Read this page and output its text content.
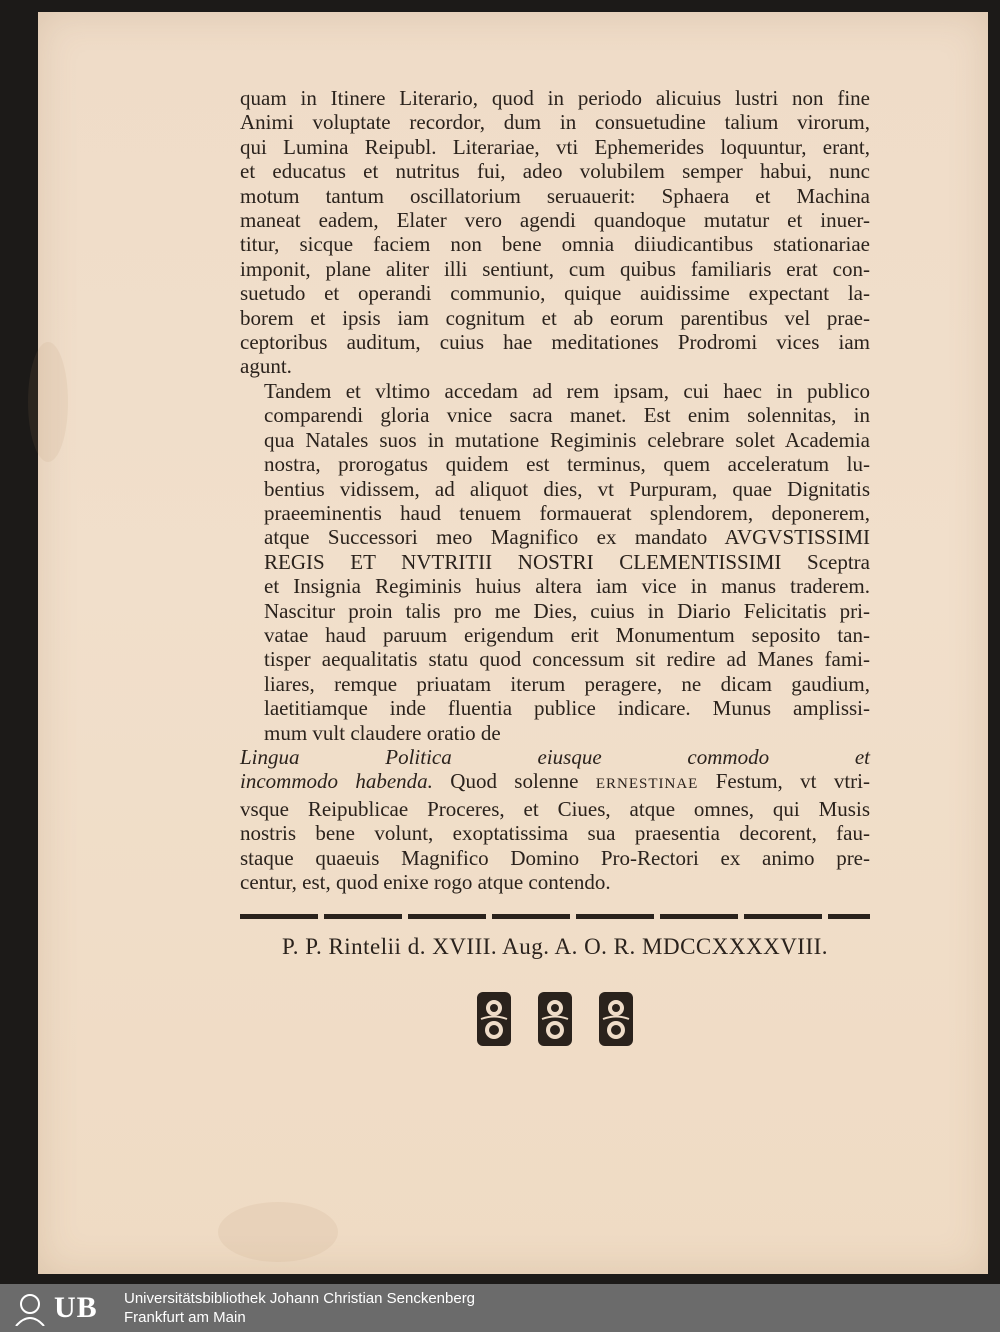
quam in Itinere Literario, quod in periodo alicuius lustri non fine
Animi voluptate recordor, dum in consuetudine talium virorum,
qui Lumina Reipubl. Literariae, vti Ephemerides loquuntur, erant,
et educatus et nutritus fui, adeo volubilem semper habui, nunc
motum tantum oscillatorium seruauerit: Sphaera et Machina
maneat eadem, Elater vero agendi quandoque mutatur et inuer-
titur, sicque faciem non bene omnia diiudicantibus stationariae
imponit, plane aliter illi sentiunt, cum quibus familiaris erat con-
suetudo et operandi communio, quique auidissime expectant la-
borem et ipsis iam cognitum et ab eorum parentibus vel prae-
ceptoribus auditum, cuius hae meditationes Prodromi vices iam
agunt.
Tandem et vltimo accedam ad rem ipsam, cui haec in publico
comparendi gloria vnice sacra manet. Est enim solennitas, in
qua Natales suos in mutatione Regiminis celebrare solet Academia
nostra, prorogatus quidem est terminus, quem acceleratum lu-
bentius vidissem, ad aliquot dies, vt Purpuram, quae Dignitatis
praeeminentis haud tenuem formauerat splendorem, deponerem,
atque Successori meo Magnifico ex mandato AVGVSTISSIMI
REGIS ET NVTRITII NOSTRI CLEMENTISSIMI Sceptra
et Insignia Regiminis huius altera iam vice in manus traderem.
Nascitur proin talis pro me Dies, cuius in Diario Felicitatis pri-
vatae haud paruum erigendum erit Monumentum seposito tan-
tisper aequalitatis statu quod concessum sit redire ad Manes fami-
liares, remque priuatam iterum peragere, ne dicam gaudium,
laetitiamque inde fluentia publice indicare. Munus amplissi-
mum vult claudere oratio de
Lingua Politica eiusque commodo et
incommodo habenda. Quod solenne ERNESTINAE Festum, vt vtri-
vsque Reipublicae Proceres, et Ciues, atque omnes, qui Musis
nostris bene volunt, exoptatissima sua praesentia decorent, fau-
staque quaeuis Magnifico Domino Pro-Rectori ex animo pre-
centur, est, quod enixe rogo atque contendo.
P. P. Rintelii d. XVIII. Aug. A. O. R. MDCCXXXXVIII.
UB Universitätsbibliothek Johann Christian Senckenberg
Frankfurt am Main
